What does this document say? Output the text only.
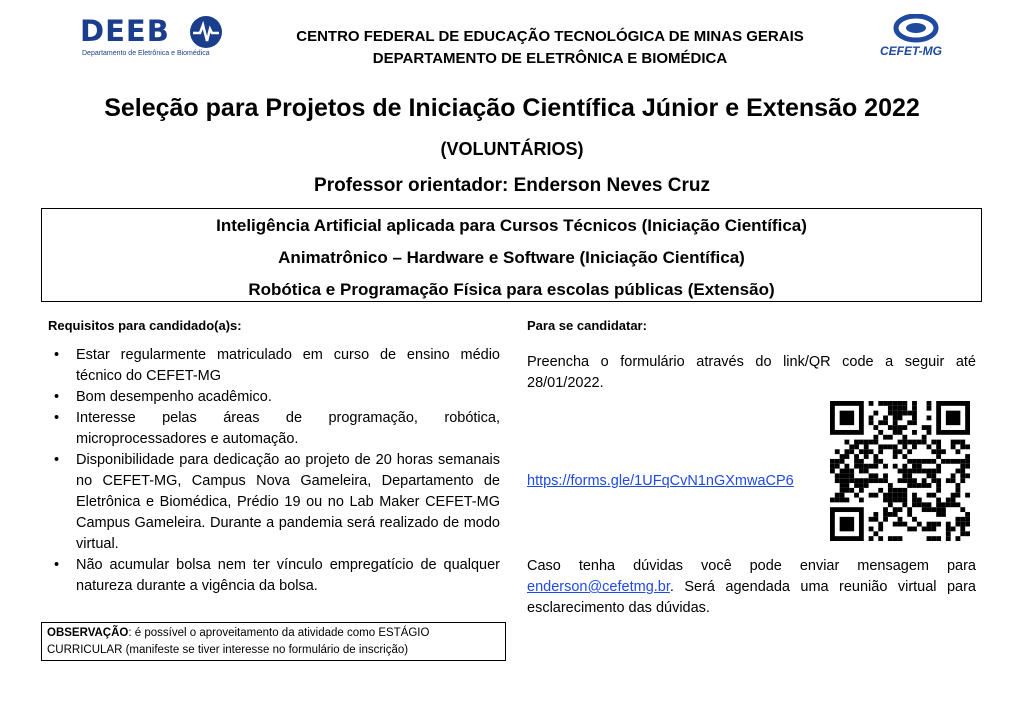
DEEB
Departamento de Eletrônica e Biomédica
CENTRO FEDERAL DE EDUCAÇÃO TECNOLÓGICA DE MINAS GERAIS
DEPARTAMENTO DE ELETRÔNICA E BIOMÉDICA	CEFET-MG
Seleção para Projetos de Iniciação Científica Júnior e Extensão 2022
(VOLUNTÁRIOS)
Professor orientador: Enderson Neves Cruz
Inteligência Artificial aplicada para Cursos Técnicos (Iniciação Científica)
Animatrônico – Hardware e Software (Iniciação Científica)
Robótica e Programação Física para escolas públicas (Extensão)
Requisitos para candidado(a)s:
• Estar regularmente matriculado em curso de ensino médio técnico do CEFET-MG
• Bom desempenho acadêmico.
• Interesse pelas áreas de programação, robótica, microprocessadores e automação.
• Disponibilidade para dedicação ao projeto de 20 horas semanais no CEFET-MG, Campus Nova Gameleira, Departamento de Eletrônica e Biomédica, Prédio 19 ou no Lab Maker CEFET-MG Campus Gameleira. Durante a pandemia será realizado de modo virtual.
• Não acumular bolsa nem ter vínculo empregatício de qualquer natureza durante a vigência da bolsa.
OBSERVAÇÃO: é possível o aproveitamento da atividade como ESTÁGIO CURRICULAR (manifeste se tiver interesse no formulário de inscrição)
Para se candidatar:
Preencha o formulário através do link/QR code a seguir até 28/01/2022.
https://forms.gle/1UFqCvN1nGXmwaCP6
Caso tenha dúvidas você pode enviar mensagem para enderson@cefetmg.br. Será agendada uma reunião virtual para esclarecimento das dúvidas.
